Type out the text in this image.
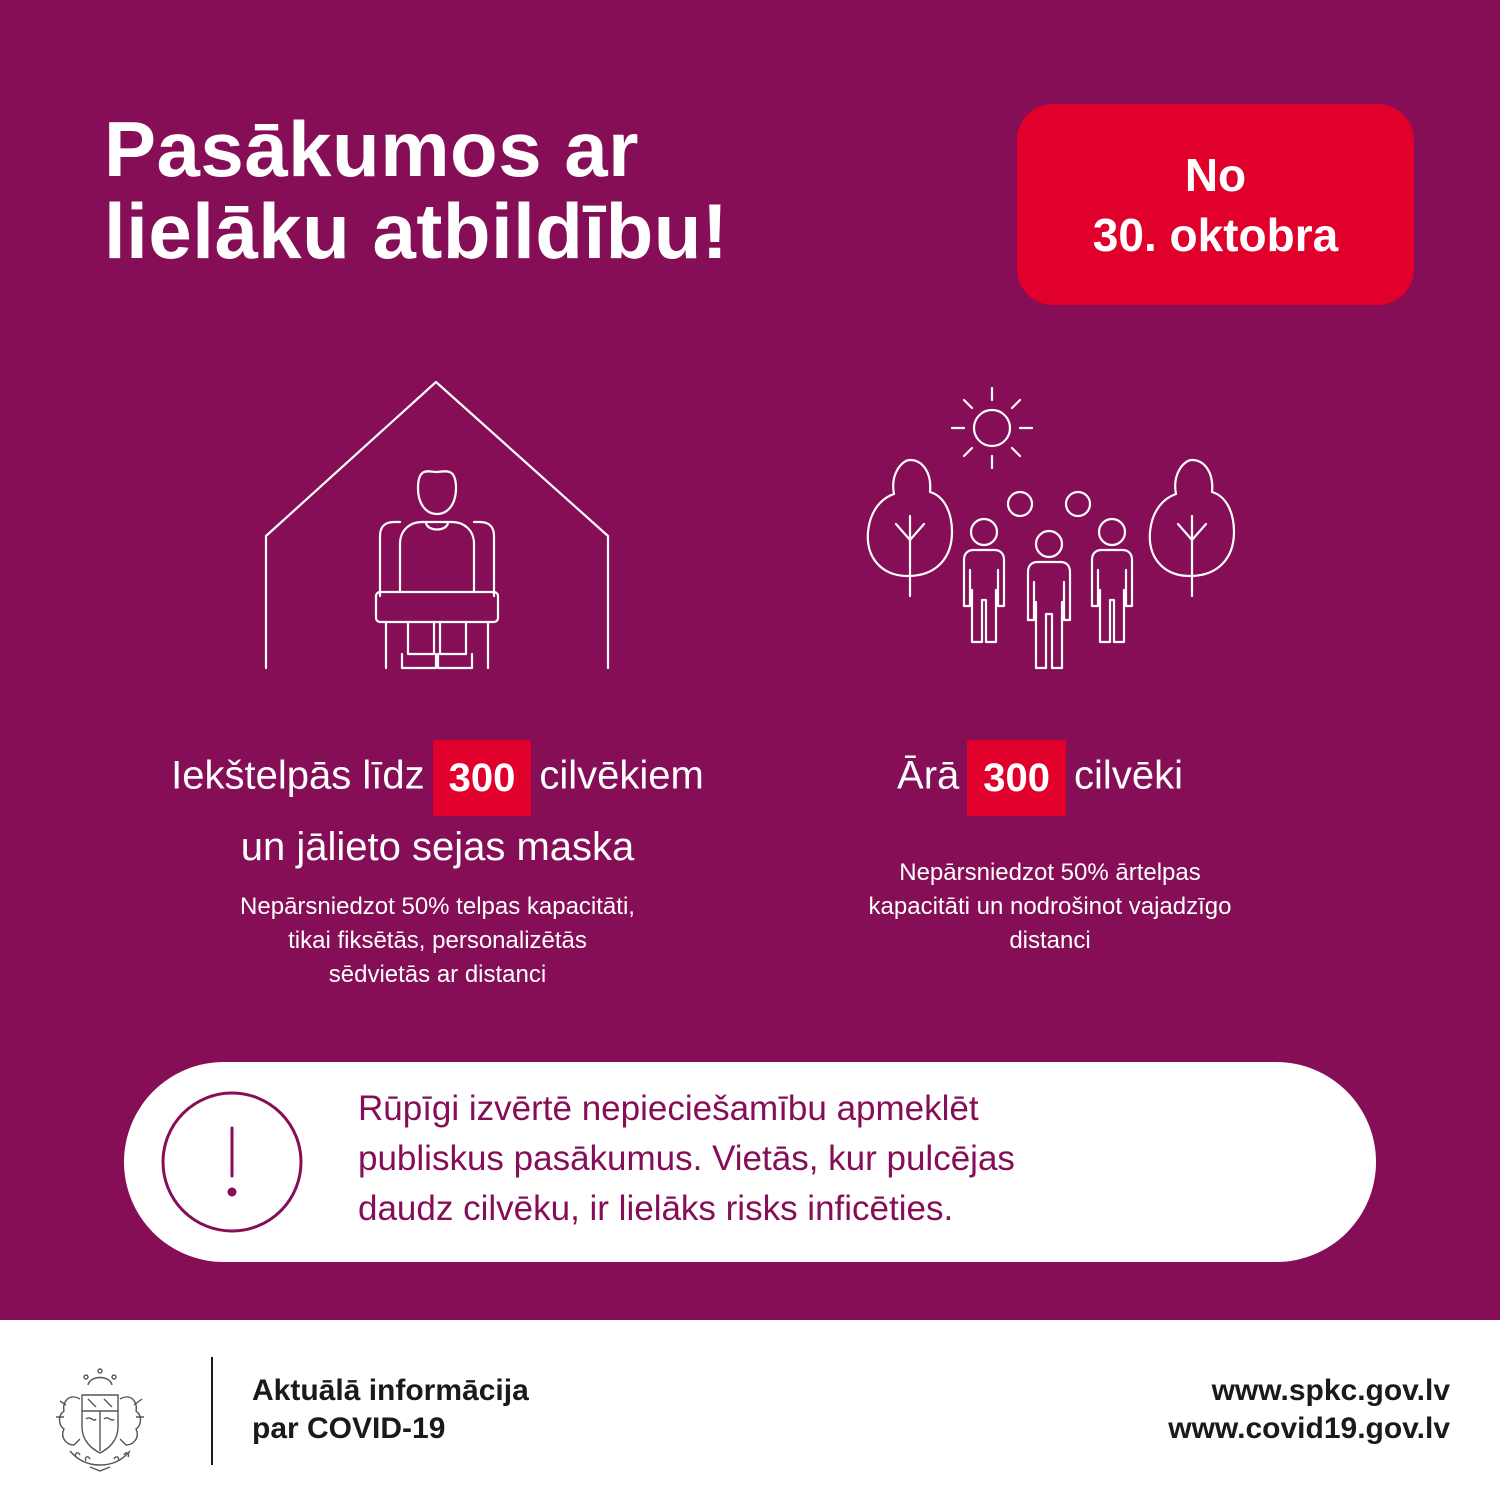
Pasākumos ar
lielāku atbildību!
No
30. oktobra
Iekštelpās līdz 300 cilvēkiem
un jālieto sejas maska
Ārā 300 cilvēki
Nepārsniedzot 50% telpas kapacitāti,
tikai fiksētās, personalizētās
sēdvietās ar distanci
Nepārsniedzot 50% ārtelpas
kapacitāti un nodrošinot vajadzīgo
distanci
Rūpīgi izvērtē nepieciešamību apmeklēt
publiskus pasākumus. Vietās, kur pulcējas
daudz cilvēku, ir lielāks risks inficēties.
Aktuālā informācija
par COVID-19
www.spkc.gov.lv
www.covid19.gov.lv
